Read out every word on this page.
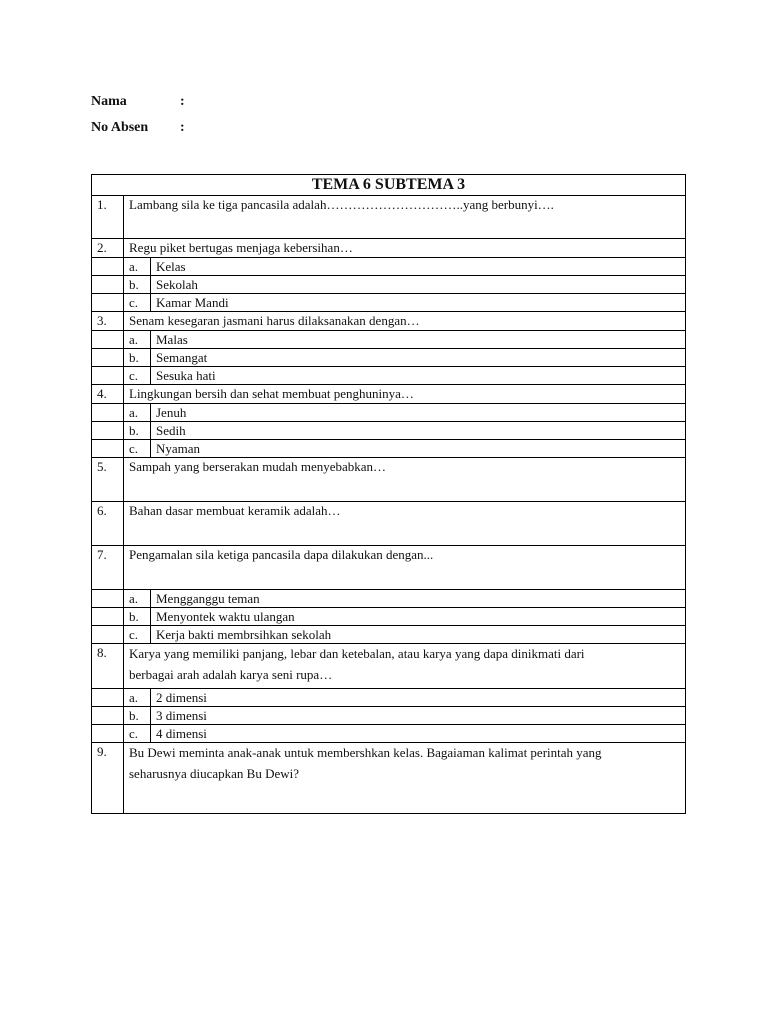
Nama	:
No Absen :
TEMA 6 SUBTEMA 3		
1.	Lambang sila ke tiga pancasila adalah…………………………..yang berbunyi….	
2.	Regu piket bertugas menjaga kebersihan…	
	a.	Kelas
	b.	Sekolah
	c.	Kamar Mandi
3.	Senam kesegaran jasmani harus dilaksanakan dengan…	
	a.	Malas
	b.	Semangat
	c.	Sesuka hati
4.	Lingkungan bersih dan sehat membuat penghuninya…	
	a.	Jenuh
	b.	Sedih
	c.	Nyaman
5.	Sampah yang berserakan mudah menyebabkan…	
6.	Bahan dasar membuat keramik adalah…	
7.	Pengamalan sila ketiga pancasila dapa dilakukan dengan...	
	a.	Mengganggu teman
	b.	Menyontek waktu ulangan
	c.	Kerja bakti membrsihkan sekolah
8.	Karya yang memiliki panjang, lebar dan ketebalan, atau karya yang dapa dinikmati dari
berbagai arah adalah karya seni rupa…	

	a.	2 dimensi
	b.	3 dimensi
	c.	4 dimensi
9.	Bu Dewi meminta anak-anak untuk membershkan kelas. Bagaiaman kalimat perintah yang
seharusnya diucapkan Bu Dewi?	
